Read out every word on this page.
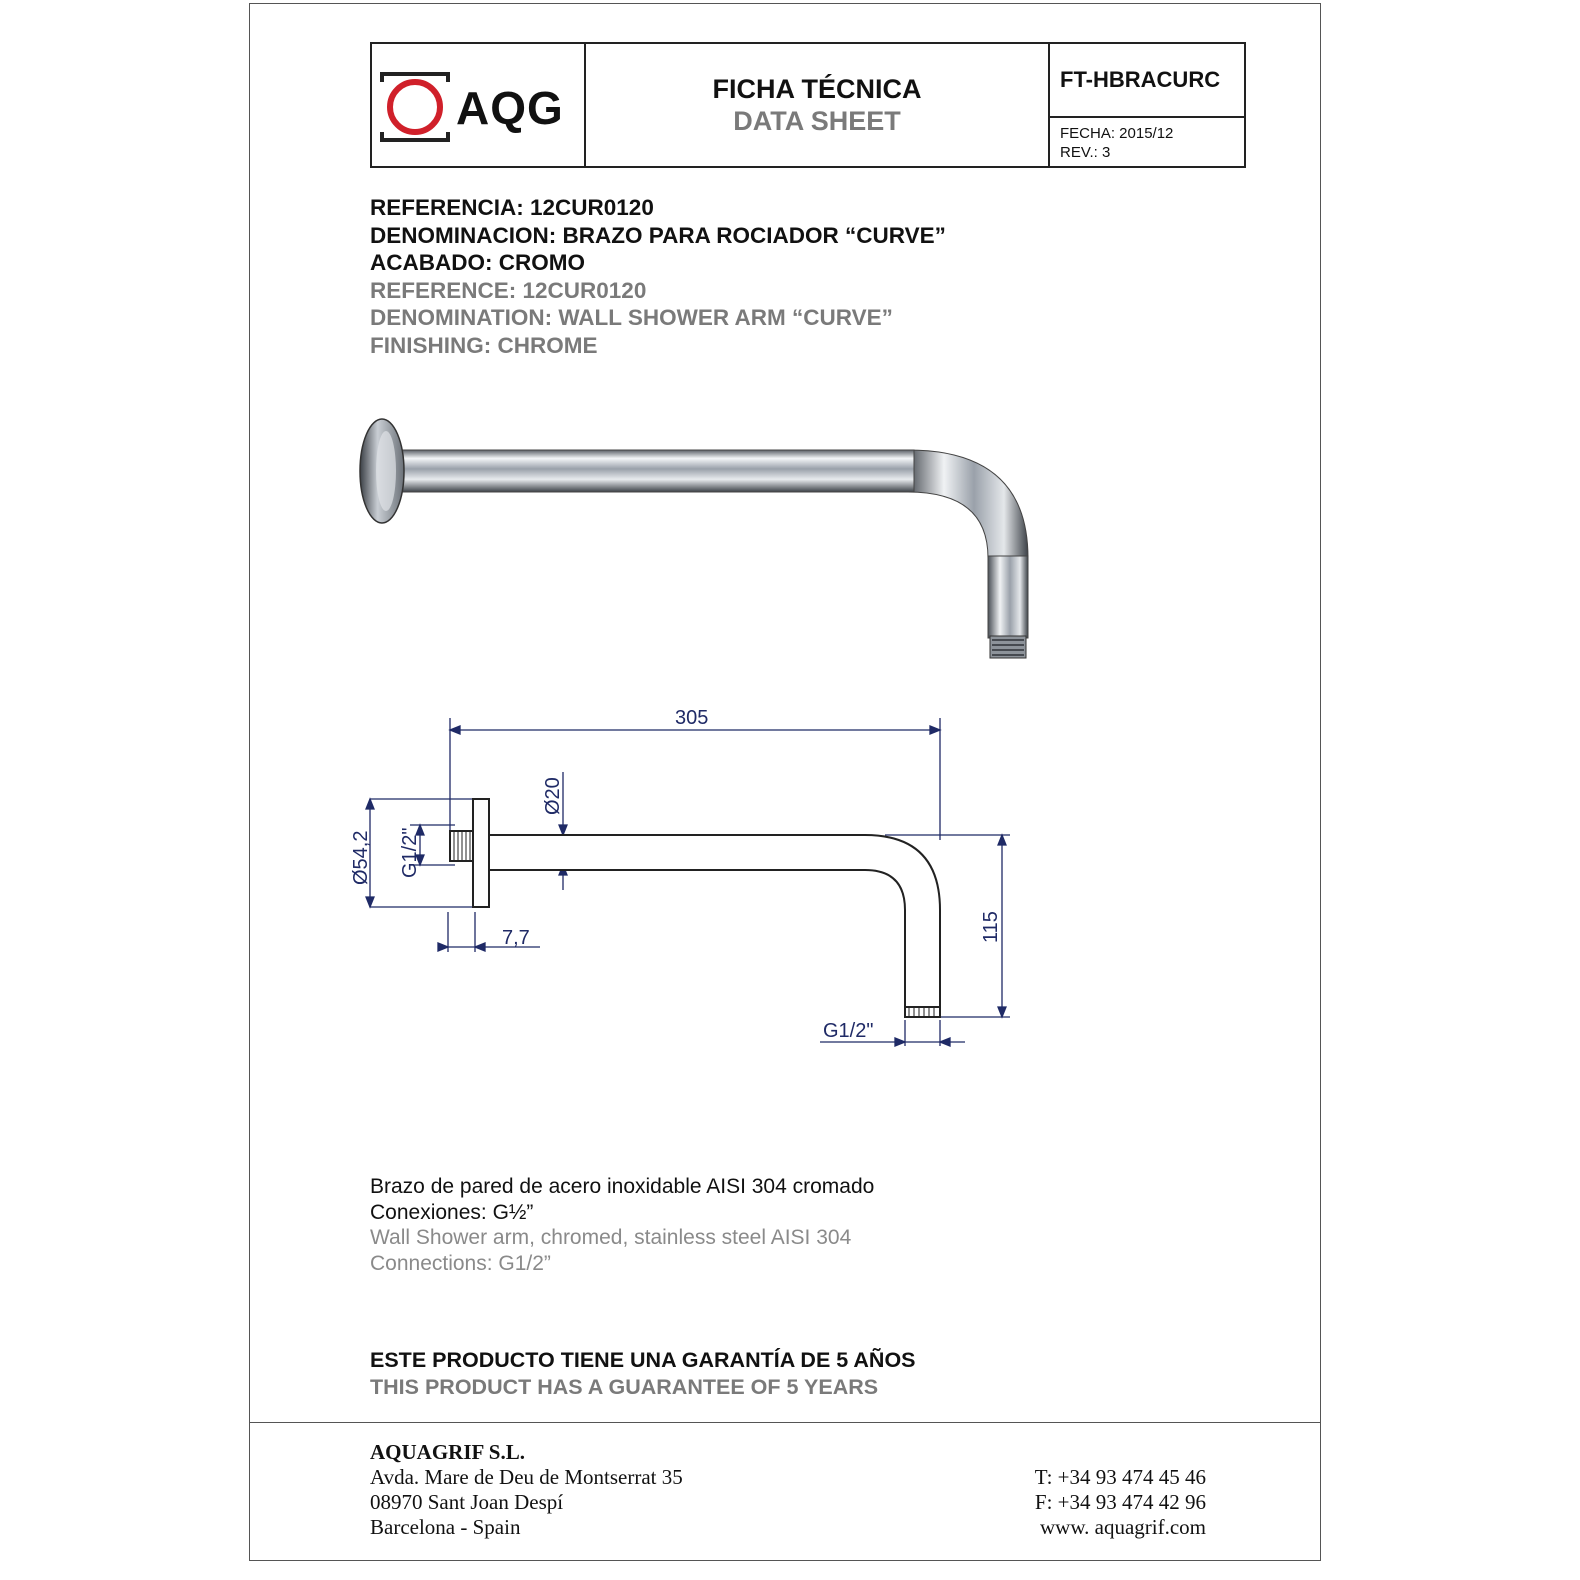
AQG	FICHA TÉCNICA
DATA SHEET
FT-HBRACURC
FECHA: 2015/12
REV.: 3
REFERENCIA: 12CUR0120
DENOMINACION: BRAZO PARA ROCIADOR “CURVE”
ACABADO: CROMO
REFERENCE: 12CUR0120
DENOMINATION: WALL SHOWER ARM “CURVE”
FINISHING: CHROME
305
Ø20
Ø54,2 G1/2"
7,7	115
G1/2"
Brazo de pared de acero inoxidable AISI 304 cromado
Conexiones: G½”
Wall Shower arm, chromed, stainless steel AISI 304
Connections: G1/2”
ESTE PRODUCTO TIENE UNA GARANTÍA DE 5 AÑOS
THIS PRODUCT HAS A GUARANTEE OF 5 YEARS
AQUAGRIF S.L.
Avda. Mare de Deu de Montserrat 35
08970 Sant Joan Despí
Barcelona - Spain
T: +34 93 474 45 46
F: +34 93 474 42 96
www. aquagrif.com
